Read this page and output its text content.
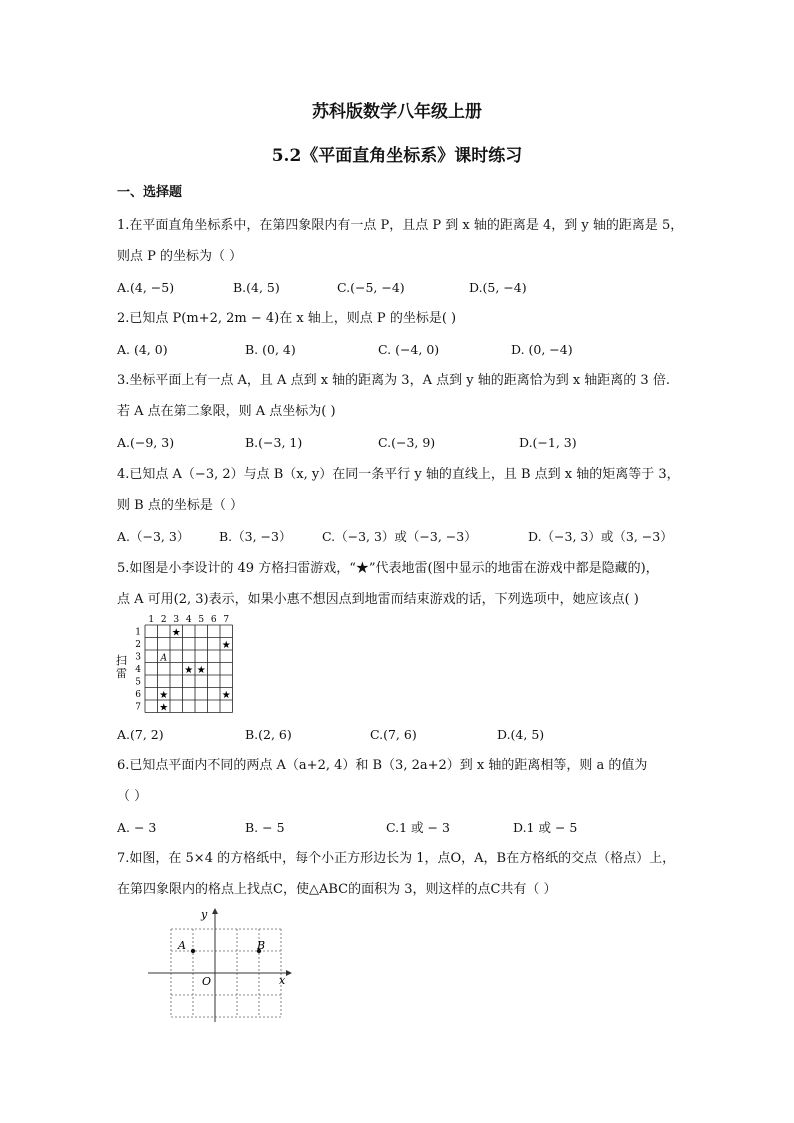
苏科版数学八年级上册
5.2《平面直角坐标系》课时练习
一、选择题
1.在平面直角坐标系中，在第四象限内有一点 P，且点 P 到 x 轴的距离是 4，到 y 轴的距离是 5，
则点 P 的坐标为（ ）
A.(4, −5)	B.(4, 5)	C.(−5, −4)	D.(5, −4)
2.已知点 P(m+2, 2m − 4)在 x 轴上，则点 P 的坐标是( )
A. (4, 0)	B. (0, 4)	C. (−4, 0)	D. (0, −4)
3.坐标平面上有一点 A，且 A 点到 x 轴的距离为 3，A 点到 y 轴的距离恰为到 x 轴距离的 3 倍.
若 A 点在第二象限，则 A 点坐标为( )
A.(−9, 3)	B.(−3, 1)	C.(−3, 9)	D.(−1, 3)
4.已知点 A（−3, 2）与点 B（x, y）在同一条平行 y 轴的直线上，且 B 点到 x 轴的矩离等于 3，
则 B 点的坐标是（ ）
A.（−3, 3） B.（3, −3） C.（−3, 3）或（−3, −3）	D.（−3, 3）或（3, −3）
5.如图是小李设计的 49 方格扫雷游戏，“★”代表地雷(图中显示的地雷在游戏中都是隐藏的)，
点 A 可用(2, 3)表示，如果小惠不想因点到地雷而结束游戏的话，下列选项中，她应该点( )
扫
雷
1 2 3 4 5 6 7
1
2
3
4
5
6
7
★
★
★ ★
★	★
★
A
A.(7, 2)	B.(2, 6)	C.(7, 6)	D.(4, 5)
6.已知点平面内不同的两点 A（a+2, 4）和 B（3, 2a+2）到 x 轴的距离相等，则 a 的值为
（ ）
A. − 3	B. − 5	C.1 或 − 3	D.1 或 − 5
7.如图，在 5×4 的方格纸中，每个小正方形边长为 1，点O，A，B在方格纸的交点（格点）上，
在第四象限内的格点上找点C，使△ABC的面积为 3，则这样的点C共有（ ）
x
y
O
A	B
